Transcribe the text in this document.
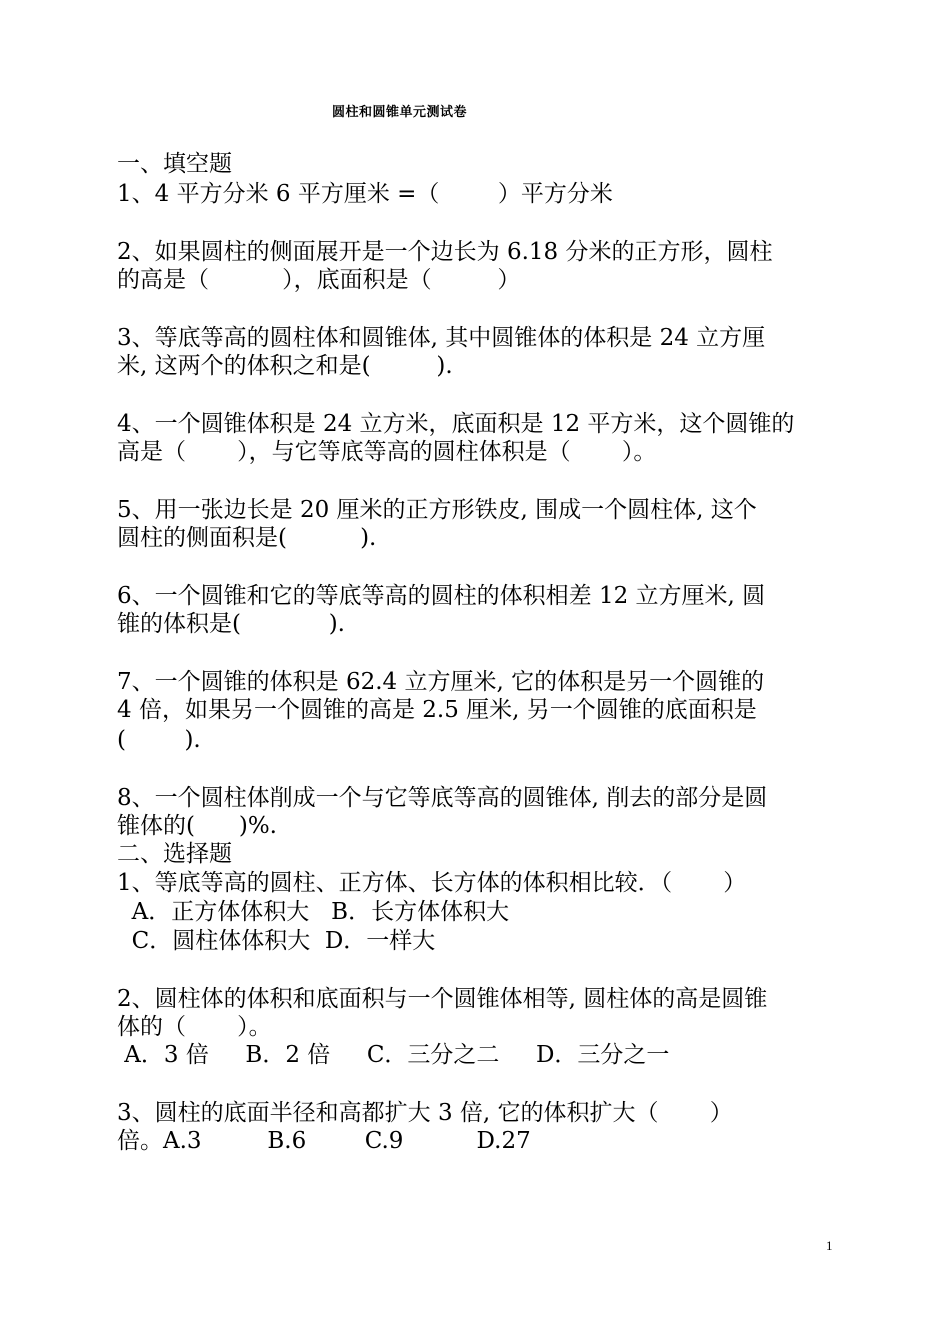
圆柱和圆锥单元测试卷
一、填空题
1、4 平方分米 6 平方厘米 =（        ）平方分米
2、如果圆柱的侧面展开是一个边长为 6.18 分米的正方形，圆柱
的高是（          ），底面积是（         ）
3、等底等高的圆柱体和圆锥体, 其中圆锥体的体积是 24 立方厘
米, 这两个的体积之和是(         ).
4、一个圆锥体积是 24 立方米，底面积是 12 平方米，这个圆锥的
高是（       ），与它等底等高的圆柱体积是（       ）。
5、用一张边长是 20 厘米的正方形铁皮, 围成一个圆柱体, 这个
圆柱的侧面积是(          ).
6、一个圆锥和它的等底等高的圆柱的体积相差 12 立方厘米, 圆
锥的体积是(            ).
7、一个圆锥的体积是 62.4 立方厘米, 它的体积是另一个圆锥的
4 倍，如果另一个圆锥的高是 2.5 厘米, 另一个圆锥的底面积是
(        ).
8、一个圆柱体削成一个与它等底等高的圆锥体, 削去的部分是圆
锥体的(      )%.
二、选择题
1、等底等高的圆柱、正方体、长方体的体积相比较．（       ）
A．正方体体积大   B．长方体体积大
C．圆柱体体积大  D．一样大
2、圆柱体的体积和底面积与一个圆锥体相等, 圆柱体的高是圆锥
体的（       ）。
A．3 倍     B．2 倍     C．三分之二     D．三分之一
3、圆柱的底面半径和高都扩大 3 倍, 它的体积扩大（       ）
倍。A.3         B.6        C.9          D.27
1
